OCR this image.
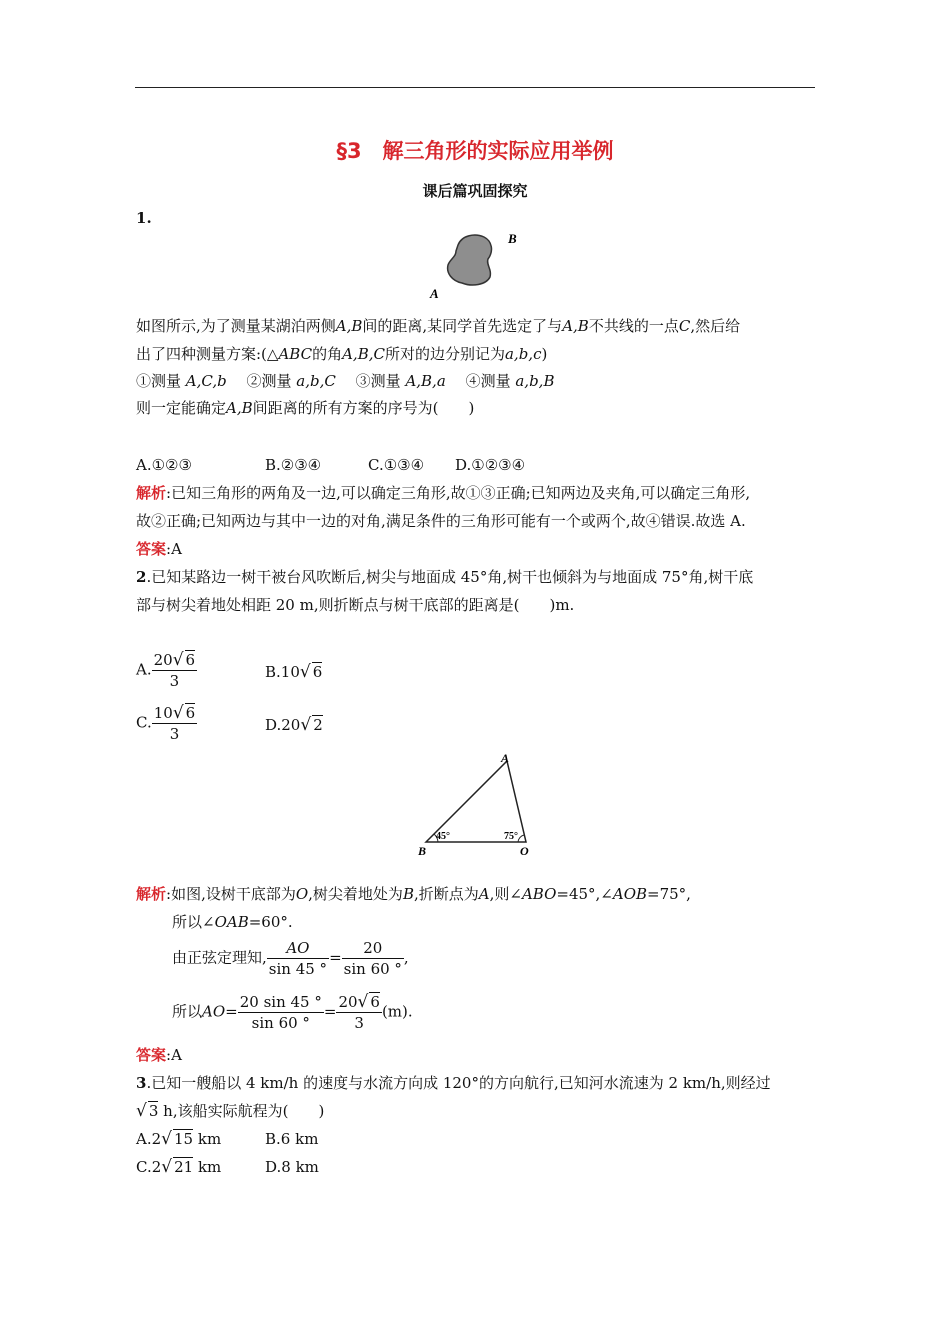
§3　解三角形的实际应用举例
课后篇巩固探究
1.
B
A
如图所示,为了测量某湖泊两侧A,B间的距离,某同学首先选定了与A,B不共线的一点C,然后给
出了四种测量方案:(△ABC的角A,B,C所对的边分别记为a,b,c)
①测量 A,C,b　 ②测量 a,b,C　 ③测量 A,B,a　 ④测量 a,b,B
则一定能确定A,B间距离的所有方案的序号为(　　)
A.①②③	B.②③④	C.①③④ D.①②③④
解析:已知三角形的两角及一边,可以确定三角形,故①③正确;已知两边及夹角,可以确定三角形,
故②正确;已知两边与其中一边的对角,满足条件的三角形可能有一个或两个,故④错误.故选 A.
答案:A
2.已知某路边一树干被台风吹断后,树尖与地面成 45°角,树干也倾斜为与地面成 75°角,树干底
部与树尖着地处相距 20 m,则折断点与树干底部的距离是(　　)m.
A. $\frac{20√ 6}{3}$	B.10√ 6
C. $\frac{10√ 6}{3}$	D.20√ 2
A
B	O
45°	75°
解析:如图,设树干底部为O,树尖着地处为B,折断点为A,则∠ABO=45°,∠AOB=75°,
所以∠OAB=60°.
由正弦定理知, $\frac{AO}{\sin 45 ^\circ} = \frac{20}{\sin 60 ^\circ}$ ,
所以$AO= \frac{20 \sin 45 ^\circ}{\sin 60 ^\circ} = \frac{20√ 6}{3} (m)$.
答案:A
3.已知一艘船以 4 km/h 的速度与水流方向成 120°的方向航行,已知河水流速为 2 km/h,则经过
√ 3 h,该船实际航程为(　　)
A.2√ 15 km	B.6 km
C.2√ 21 km	D.8 km
